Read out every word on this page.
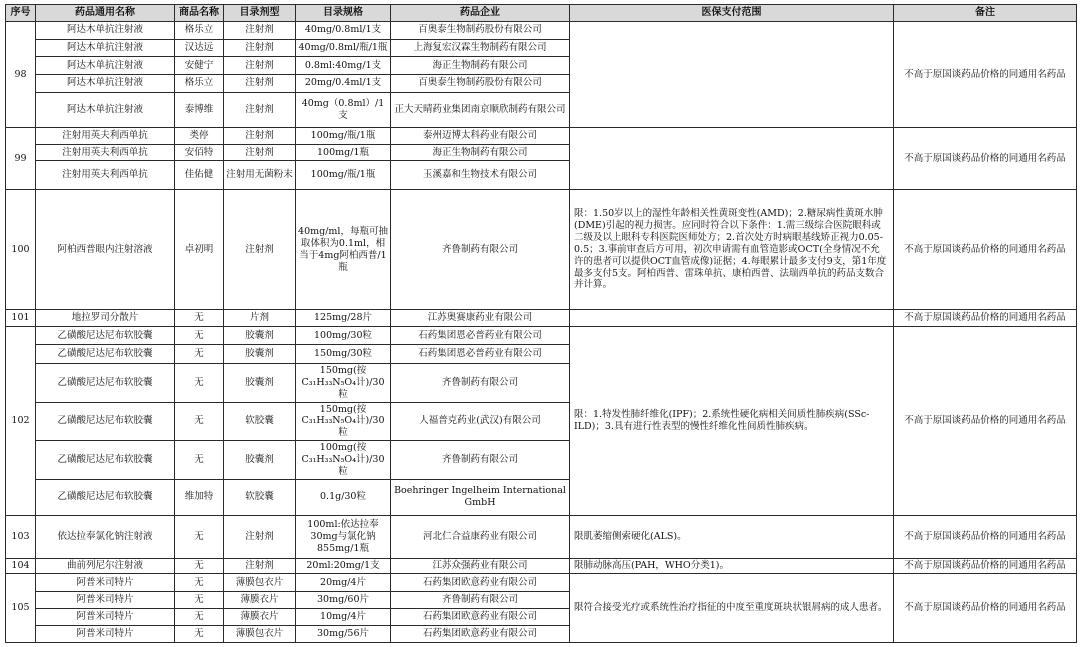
序号	药品通用名称	商品名称	目录剂型	目录规格	药品企业	医保支付范围	备注
98	阿达木单抗注射液	格乐立	注射剂	40mg/0.8ml/1支	百奥泰生物制药股份有限公司		不高于原国谈药品价格的同通用名药品
	阿达木单抗注射液	汉达远	注射剂	40mg/0.8ml/瓶/1瓶	上海复宏汉霖生物制药有限公司		
	阿达木单抗注射液	安健宁	注射剂	0.8ml:40mg/1支	海正生物制药有限公司		
	阿达木单抗注射液	格乐立	注射剂	20mg/0.4ml/1支	百奥泰生物制药股份有限公司		
	阿达木单抗注射液	泰博维	注射剂	40mg（0.8ml）/1支	正大天晴药业集团南京顺欣制药有限公司		
99	注射用英夫利西单抗	类停	注射剂	100mg/瓶/1瓶	泰州迈博太科药业有限公司		不高于原国谈药品价格的同通用名药品
	注射用英夫利西单抗	安佰特	注射剂	100mg/1瓶	海正生物制药有限公司		
	注射用英夫利西单抗	佳佑健	注射用无菌粉末	100mg/瓶/1瓶	玉溪嘉和生物技术有限公司		
100	阿柏西普眼内注射溶液	卓初明	注射剂	40mg/ml，每瓶可抽取体积为0.1ml，相当于4mg阿柏西普/1瓶	齐鲁制药有限公司	限：1.50岁以上的湿性年龄相关性黄斑变性(AMD)；2.糖尿病性黄斑水肿(DME)引起的视力损害。应同时符合以下条件：1.需三级综合医院眼科或二级及以上眼科专科医院医师处方；2.首次处方时病眼基线矫正视力0.05-0.5；3.事前审查后方可用，初次申请需有血管造影或OCT(全身情况不允许的患者可以提供OCT血管成像)证据；4.每眼累计最多支付9支，第1年度最多支付5支。阿柏西普、雷珠单抗、康柏西普、法瑞西单抗的药品支数合并计算。	不高于原国谈药品价格的同通用名药品
101	地拉罗司分散片	无	片剂	125mg/28片	江苏奥赛康药业有限公司		不高于原国谈药品价格的同通用名药品
102	乙磺酸尼达尼布软胶囊	无	胶囊剂	100mg/30粒	石药集团恩必普药业有限公司	限：1.特发性肺纤维化(IPF)；2.系统性硬化病相关间质性肺疾病(SSc-ILD)；3.具有进行性表型的慢性纤维化性间质性肺疾病。	不高于原国谈药品价格的同通用名药品
	乙磺酸尼达尼布软胶囊	无	胶囊剂	150mg/30粒	石药集团恩必普药业有限公司		
	乙磺酸尼达尼布软胶囊	无	胶囊剂	150mg(按C₃₁H₃₃N₅O₄计)/30粒	齐鲁制药有限公司		
	乙磺酸尼达尼布软胶囊	无	软胶囊	150mg(按C₃₁H₃₃N₅O₄计)/30粒	人福普克药业(武汉)有限公司		
	乙磺酸尼达尼布软胶囊	无	胶囊剂	100mg(按C₃₁H₃₃N₅O₄计)/30粒	齐鲁制药有限公司		
	乙磺酸尼达尼布软胶囊	维加特	软胶囊	0.1g/30粒	Boehringer Ingelheim International GmbH		
103	依达拉奉氯化钠注射液	无	注射剂	100ml:依达拉奉30mg与氯化钠855mg/1瓶	河北仁合益康药业有限公司	限肌萎缩侧索硬化(ALS)。	不高于原国谈药品价格的同通用名药品
104	曲前列尼尔注射液	无	注射剂	20ml:20mg/1支	江苏众强药业有限公司	限肺动脉高压(PAH，WHO分类1)。	不高于原国谈药品价格的同通用名药品
105	阿普米司特片	无	薄膜包衣片	20mg/4片	石药集团欧意药业有限公司	限符合接受光疗或系统性治疗指征的中度至重度斑块状银屑病的成人患者。	不高于原国谈药品价格的同通用名药品
	阿普米司特片	无	薄膜衣片	30mg/60片	齐鲁制药有限公司		
	阿普米司特片	无	薄膜衣片	10mg/4片	石药集团欧意药业有限公司		
	阿普米司特片	无	薄膜包衣片	30mg/56片	石药集团欧意药业有限公司		
